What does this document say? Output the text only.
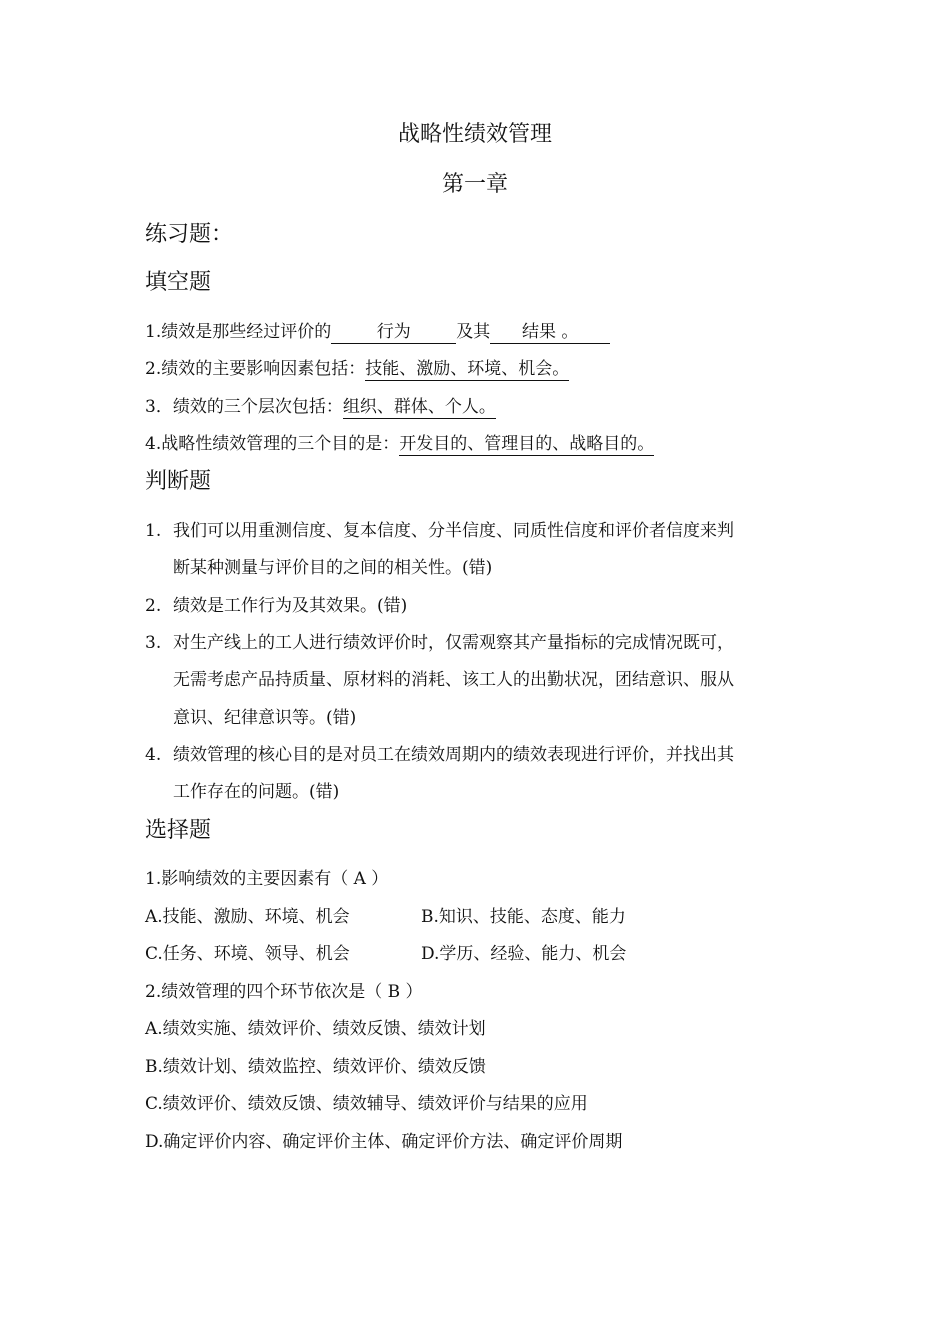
战略性绩效管理
第一章
练习题：
填空题
1.绩效是那些经过评价的	行为	及其 结果 。
2.绩效的主要影响因素包括：技能、激励、环境、机会。
3．绩效的三个层次包括：组织、群体、个人。
4.战略性绩效管理的三个目的是：开发目的、管理目的、战略目的。
判断题
1. 我们可以用重测信度、复本信度、分半信度、同质性信度和评价者信度来判
断某种测量与评价目的之间的相关性。(错)
2. 绩效是工作行为及其效果。(错)
3. 对生产线上的工人进行绩效评价时，仅需观察其产量指标的完成情况既可，
无需考虑产品持质量、原材料的消耗、该工人的出勤状况，团结意识、服从
意识、纪律意识等。(错)
4. 绩效管理的核心目的是对员工在绩效周期内的绩效表现进行评价，并找出其
工作存在的问题。(错)
选择题
1.影响绩效的主要因素有（ A ）
A.技能、激励、环境、机会	B.知识、技能、态度、能力
C.任务、环境、领导、机会	D.学历、经验、能力、机会
2.绩效管理的四个环节依次是（ B ）
A.绩效实施、绩效评价、绩效反馈、绩效计划
B.绩效计划、绩效监控、绩效评价、绩效反馈
C.绩效评价、绩效反馈、绩效辅导、绩效评价与结果的应用
D.确定评价内容、确定评价主体、确定评价方法、确定评价周期
